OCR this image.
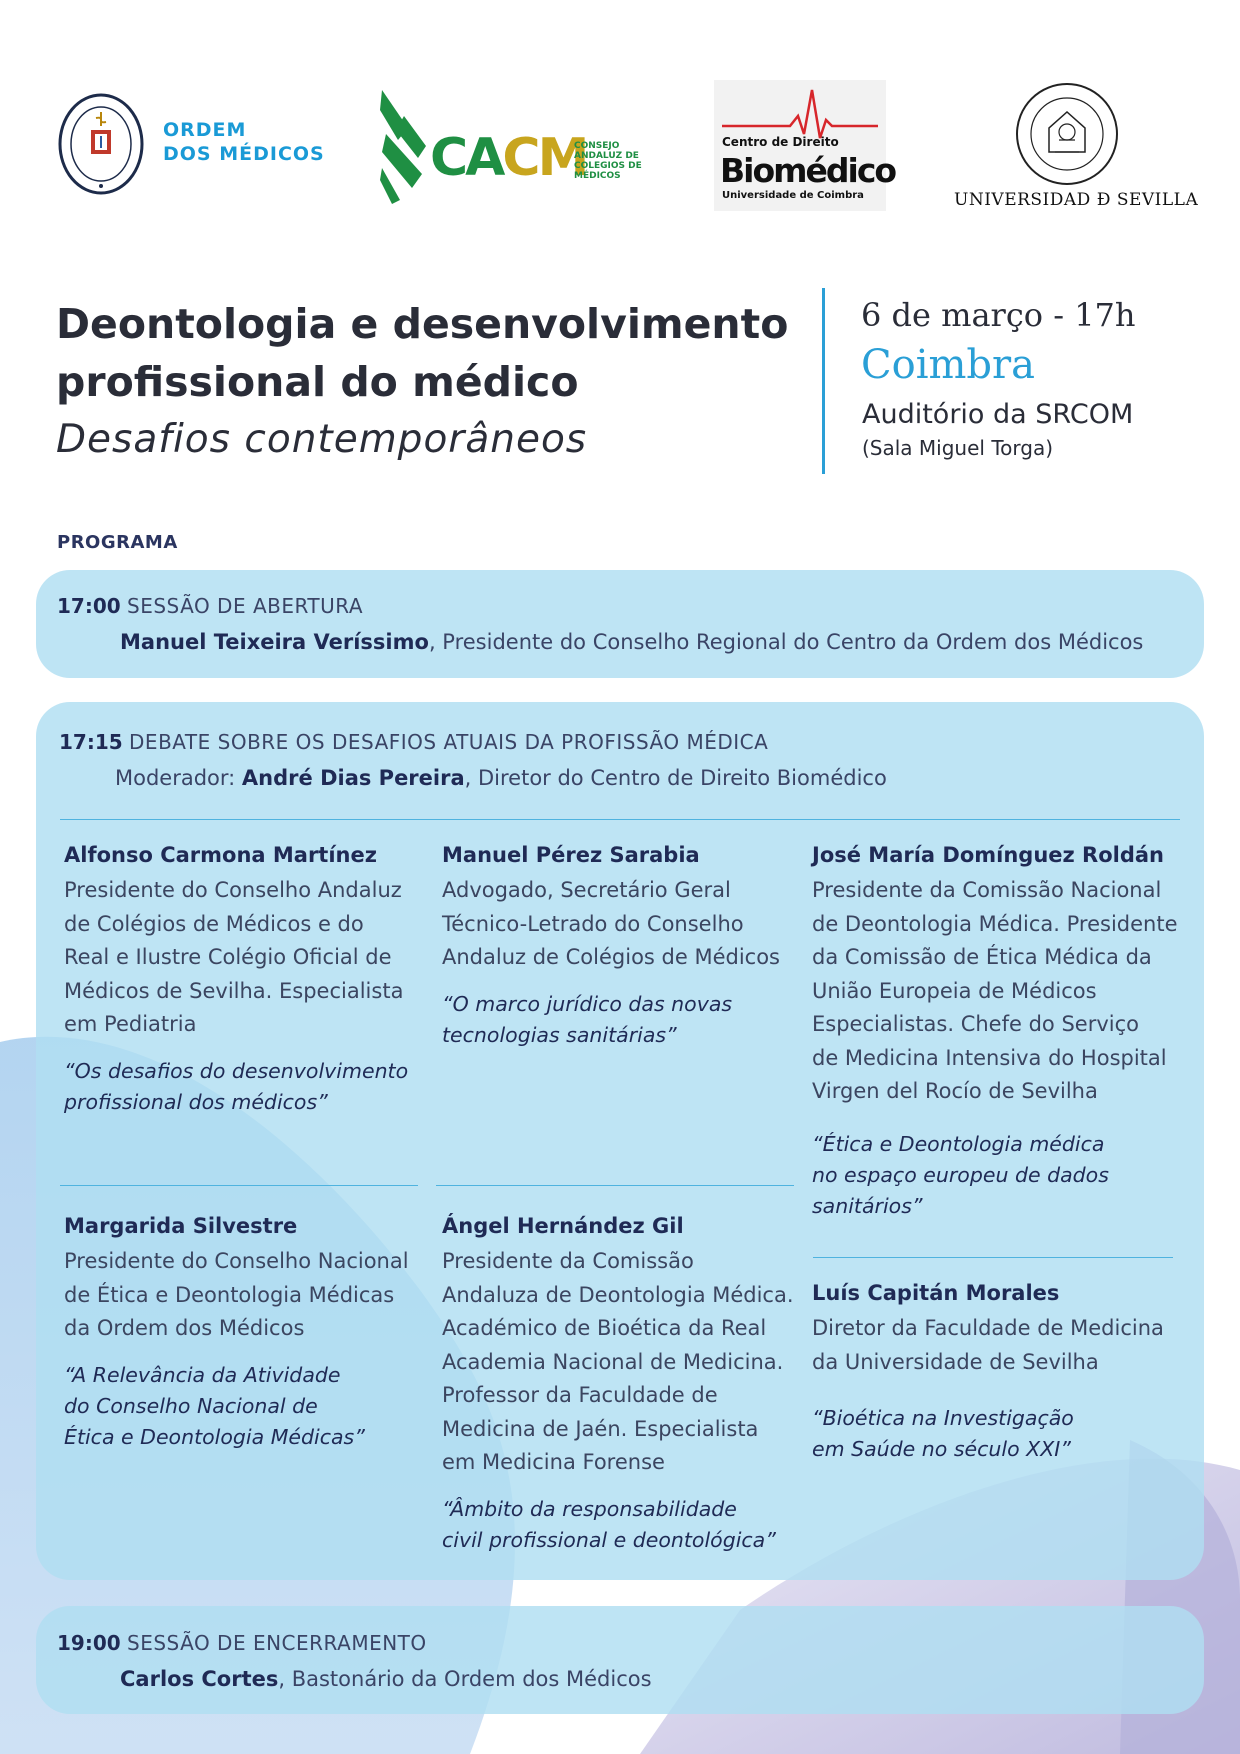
ORDEM
DOS MÉDICOS CACM
CONSEJO
ANDALUZ DE
COLEGIOS DE
MÉDICOS
Centro de Direito
Biomédico
Universidade de Coimbra	UNIVERSIDAD Ð SEVILLA
Deontologia e desenvolvimento
profissional do médico
Desafios contemporâneos
6 de março - 17h
Coimbra
Auditório da SRCOM
(Sala Miguel Torga)
PROGRAMA
17:00 SESSÃO DE ABERTURA
Manuel Teixeira Veríssimo, Presidente do Conselho Regional do Centro da Ordem dos Médicos
17:15 DEBATE SOBRE OS DESAFIOS ATUAIS DA PROFISSÃO MÉDICA
Moderador: André Dias Pereira, Diretor do Centro de Direito Biomédico
Alfonso Carmona Martínez
Presidente do Conselho Andaluz
de Colégios de Médicos e do
Real e Ilustre Colégio Oficial de
Médicos de Sevilha. Especialista
em Pediatria
“Os desafios do desenvolvimento
profissional dos médicos”
Manuel Pérez Sarabia
Advogado, Secretário Geral
Técnico-Letrado do Conselho
Andaluz de Colégios de Médicos
“O marco jurídico das novas
tecnologias sanitárias”
José María Domínguez Roldán
Presidente da Comissão Nacional
de Deontologia Médica. Presidente
da Comissão de Ética Médica da
União Europeia de Médicos
Especialistas. Chefe do Serviço
de Medicina Intensiva do Hospital
Virgen del Rocío de Sevilha
“Ética e Deontologia médica
no espaço europeu de dados
sanitários”
Margarida Silvestre
Presidente do Conselho Nacional
de Ética e Deontologia Médicas
da Ordem dos Médicos
“A Relevância da Atividade
do Conselho Nacional de
Ética e Deontologia Médicas”
Ángel Hernández Gil
Presidente da Comissão
Andaluza de Deontologia Médica.
Académico de Bioética da Real
Academia Nacional de Medicina.
Professor da Faculdade de
Medicina de Jaén. Especialista
em Medicina Forense
“Âmbito da responsabilidade
civil profissional e deontológica”
Luís Capitán Morales
Diretor da Faculdade de Medicina
da Universidade de Sevilha
“Bioética na Investigação
em Saúde no século XXI”
19:00 SESSÃO DE ENCERRAMENTO
Carlos Cortes, Bastonário da Ordem dos Médicos
